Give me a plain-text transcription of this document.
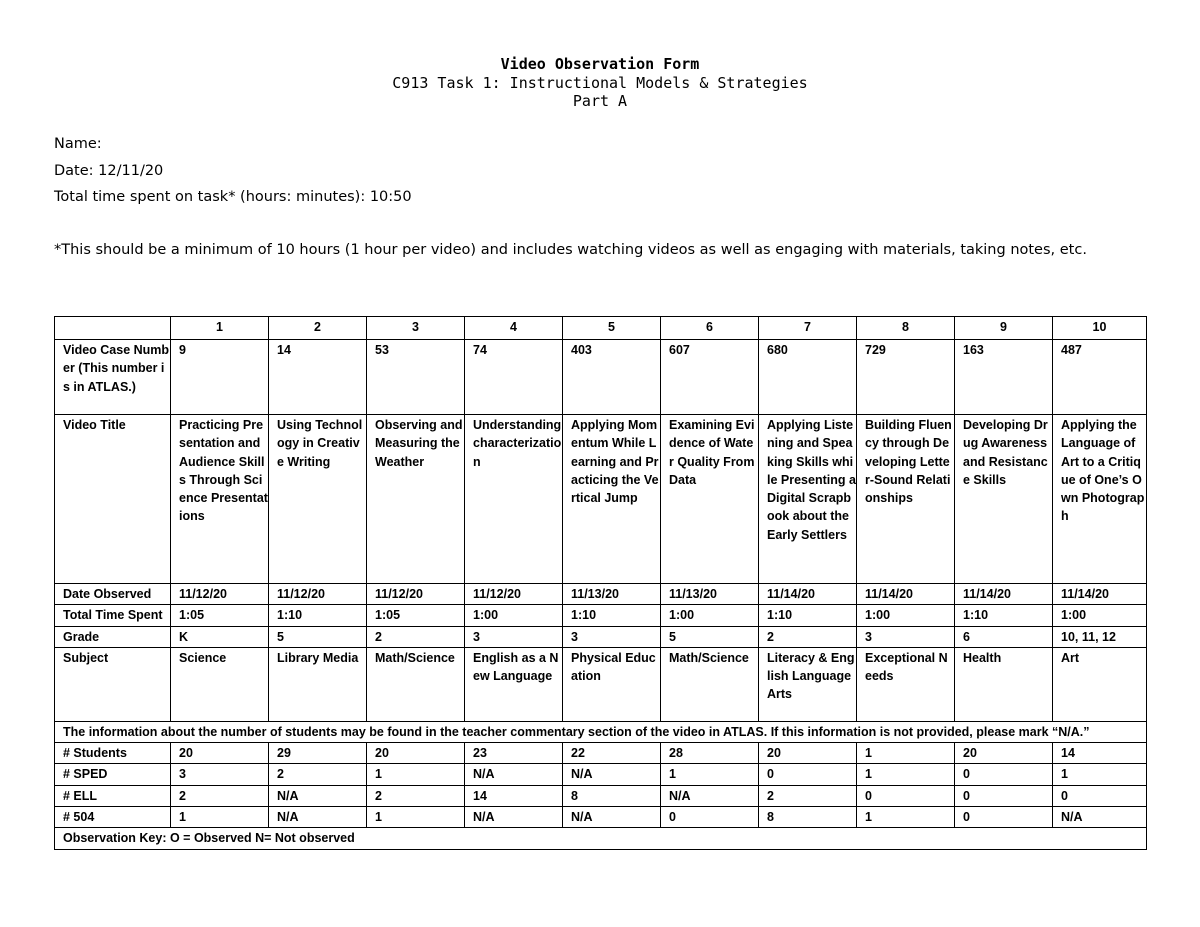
Video Observation Form
C913 Task 1: Instructional Models & Strategies
Part A
Name:
Date: 12/11/20
Total time spent on task* (hours: minutes): 10:50
*This should be a minimum of 10 hours (1 hour per video) and includes watching videos as well as engaging with materials, taking notes, etc.
	1	2	3	4	5	6	7	8	9	10
Video Case Number (This number is in ATLAS.)	9	14	53	74	403	607	680	729	163	487
Video Title	Practicing Presentation and Audience Skills Through Science Presentations	Using Technology in Creative Writing	Observing and Measuring the Weather	Understanding characterization	Applying Momentum While Learning and Practicing the Vertical Jump	Examining Evidence of Water Quality From Data	Applying Listening and Speaking Skills while Presenting a Digital Scrapbook about the Early Settlers	Building Fluency through Developing Letter-Sound Relationships	Developing Drug Awareness and Resistance Skills	Applying the Language of Art to a Critique of One’s Own Photograph
Date Observed	11/12/20	11/12/20	11/12/20	11/12/20	11/13/20	11/13/20	11/14/20	11/14/20	11/14/20	11/14/20
Total Time Spent	1:05	1:10	1:05	1:00	1:10	1:00	1:10	1:00	1:10	1:00
Grade	K	5	2	3	3	5	2	3	6	10, 11, 12
Subject	Science	Library Media	Math/Science	English as a New Language	Physical Education	Math/Science	Literacy & English Language Arts	Exceptional Needs	Health	Art
The information about the number of students may be found in the teacher commentary section of the video in ATLAS. If this information is not provided, please mark “N/A.”										
# Students	20	29	20	23	22	28	20	1	20	14
# SPED	3	2	1	N/A	N/A	1	0	1	0	1
# ELL	2	N/A	2	14	8	N/A	2	0	0	0
# 504	1	N/A	1	N/A	N/A	0	8	1	0	N/A
Observation Key: O = Observed N= Not observed										
